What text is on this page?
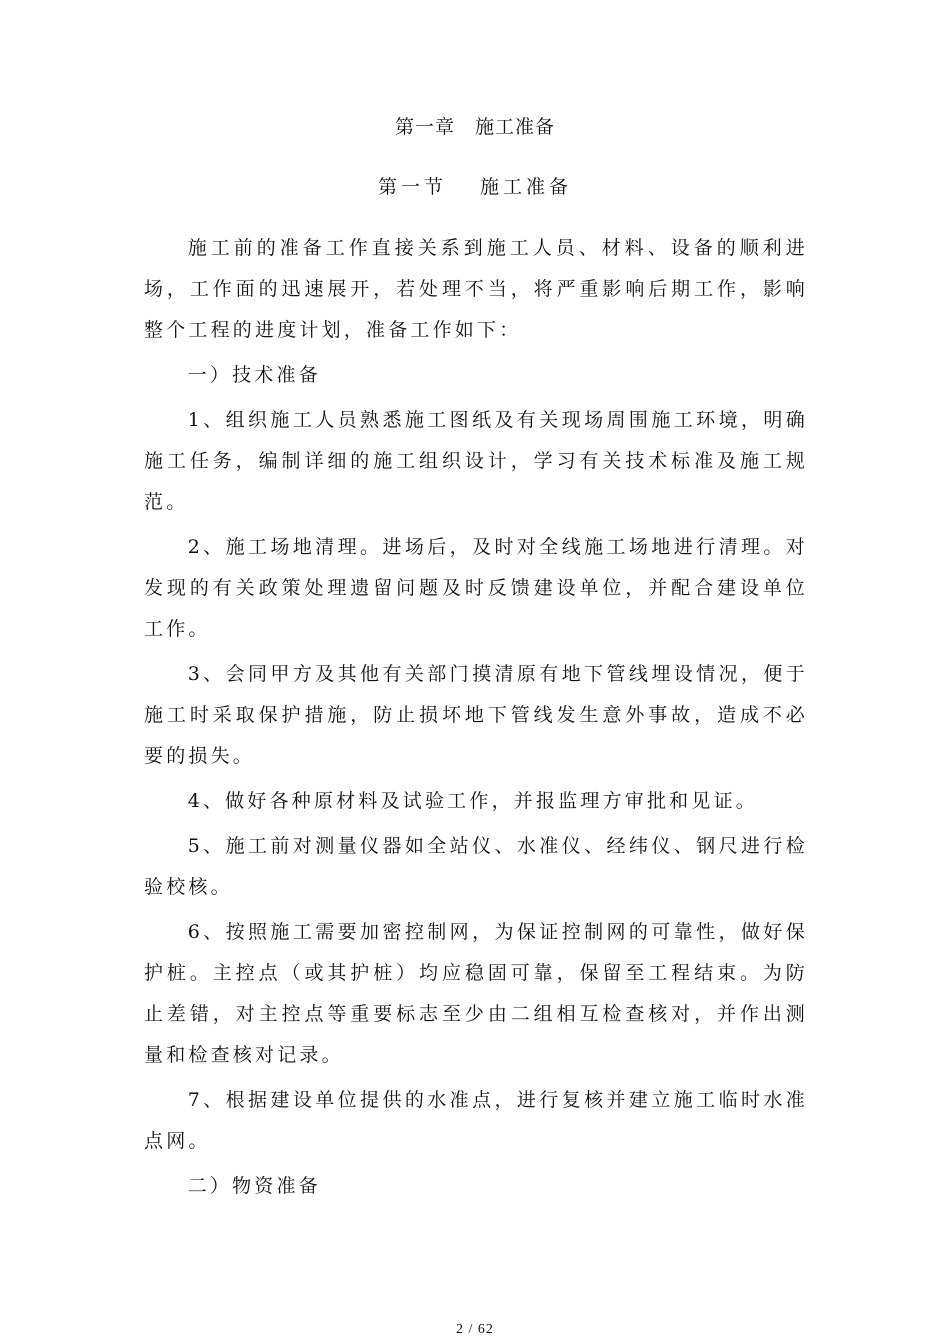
第一章　施工准备
第一节　 施工准备

施工前的准备工作直接关系到施工人员、材料、设备的顺利进场，工作面的迅速展开，若处理不当，将严重影响后期工作，影响整个工程的进度计划，准备工作如下：

一）技术准备

1、组织施工人员熟悉施工图纸及有关现场周围施工环境，明确施工任务，编制详细的施工组织设计，学习有关技术标准及施工规范。

2、施工场地清理。进场后，及时对全线施工场地进行清理。对发现的有关政策处理遗留问题及时反馈建设单位，并配合建设单位工作。

3、会同甲方及其他有关部门摸清原有地下管线埋设情况，便于施工时采取保护措施，防止损坏地下管线发生意外事故，造成不必要的损失。

4、做好各种原材料及试验工作，并报监理方审批和见证。

5、施工前对测量仪器如全站仪、水准仪、经纬仪、钢尺进行检验校核。

6、按照施工需要加密控制网，为保证控制网的可靠性，做好保护桩。主控点（或其护桩）均应稳固可靠，保留至工程结束。为防止差错，对主控点等重要标志至少由二组相互检查核对，并作出测量和检查核对记录。

7、根据建设单位提供的水准点，进行复核并建立施工临时水准点网。

二）物资准备

2 / 62
